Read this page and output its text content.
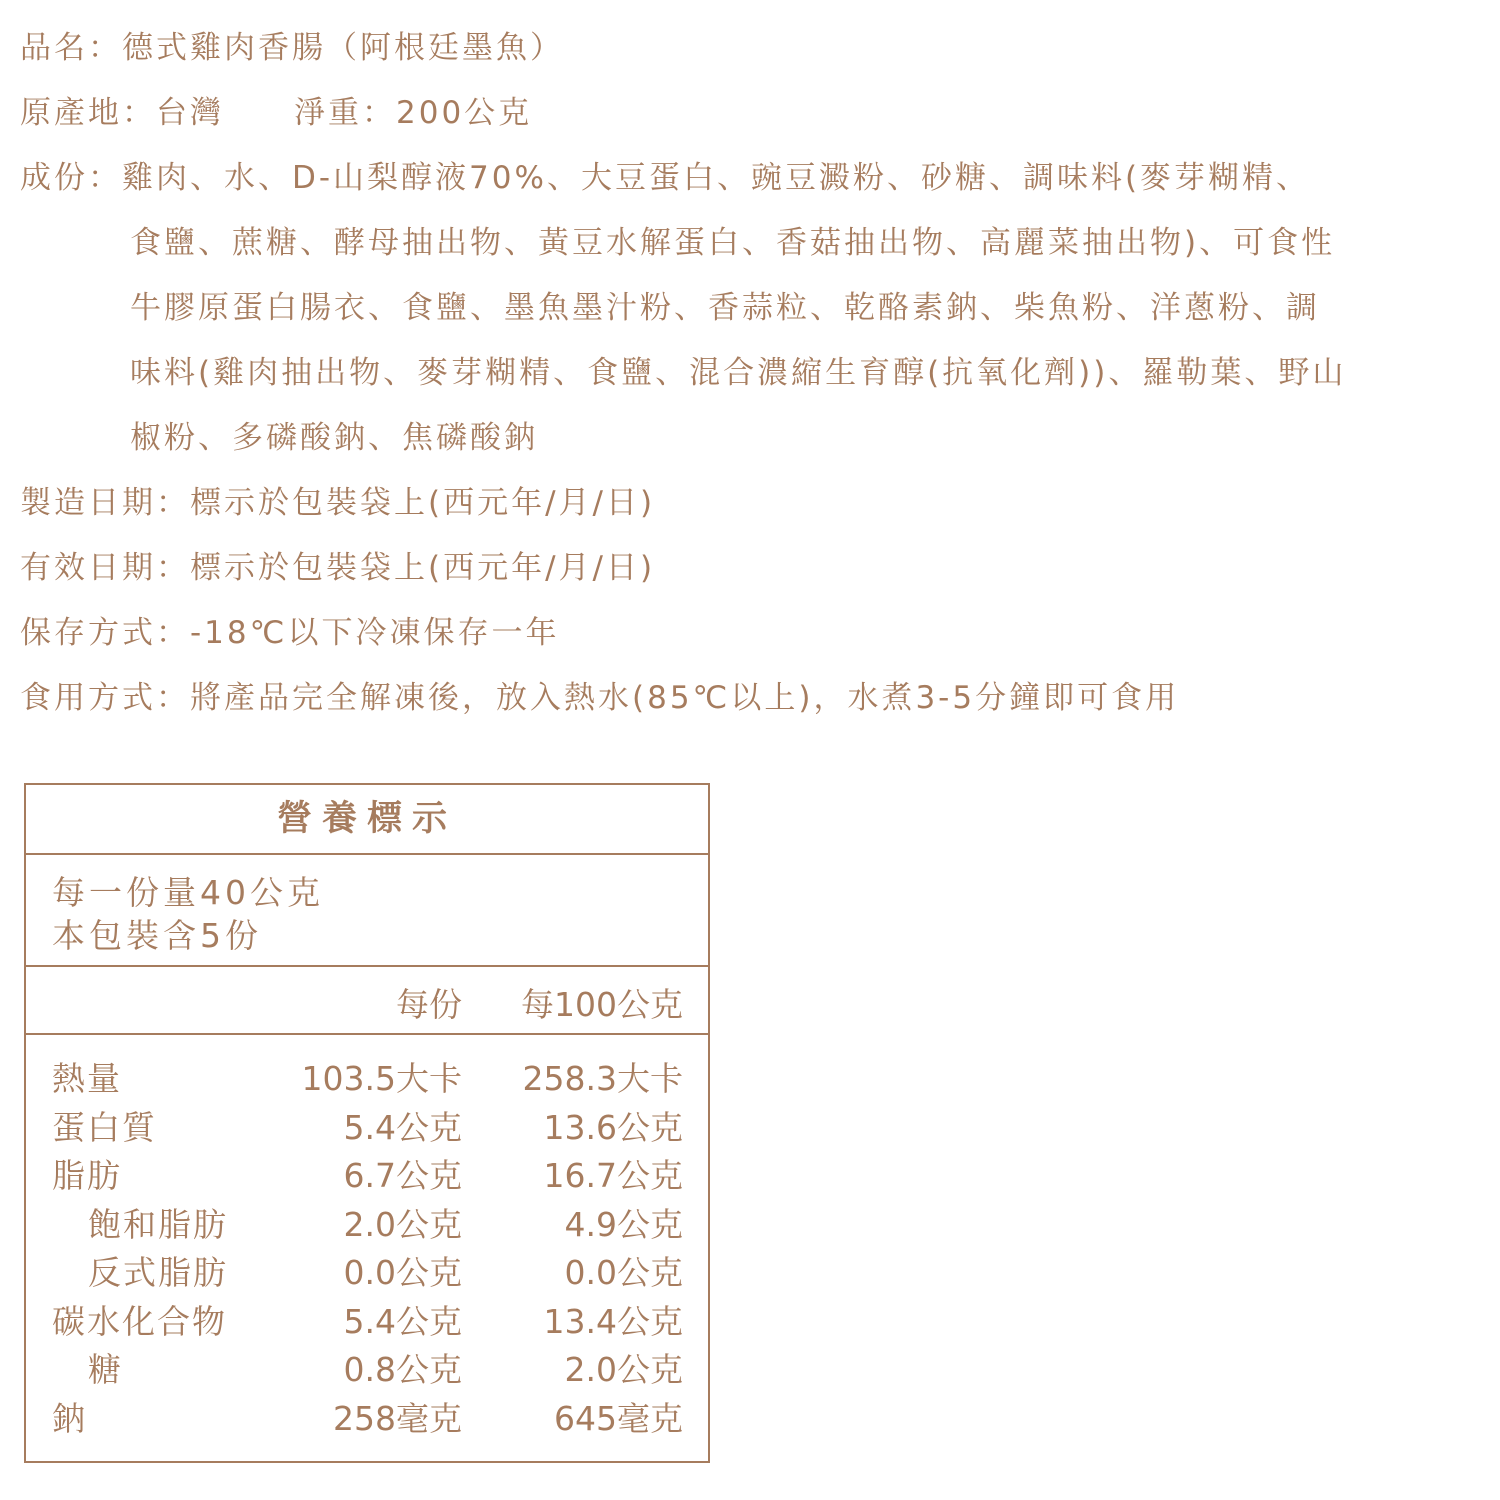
品名：德式雞肉香腸（阿根廷墨魚）
原產地：台灣 淨重：200公克
成份：雞肉、水、D-山梨醇液70%、大豆蛋白、豌豆澱粉、砂糖、調味料(麥芽糊精、
食鹽、蔗糖、酵母抽出物、黃豆水解蛋白、香菇抽出物、高麗菜抽出物)、可食性
牛膠原蛋白腸衣、食鹽、墨魚墨汁粉、香蒜粒、乾酪素鈉、柴魚粉、洋蔥粉、調
味料(雞肉抽出物、麥芽糊精、食鹽、混合濃縮生育醇(抗氧化劑))、羅勒葉、野山
椒粉、多磷酸鈉、焦磷酸鈉
製造日期：標示於包裝袋上(西元年/月/日)
有效日期：標示於包裝袋上(西元年/月/日)
保存方式：-18℃以下冷凍保存一年
食用方式：將產品完全解凍後，放入熱水(85℃以上)，水煮3-5分鐘即可食用
營養標示
每一份量40公克
本包裝含5份
每份 每100公克
熱量	103.5大卡 258.3大卡
蛋白質	5.4公克 13.6公克
脂肪	6.7公克 16.7公克
飽和脂肪	2.0公克	4.9公克
反式脂肪	0.0公克	0.0公克
碳水化合物	5.4公克 13.4公克
糖	0.8公克	2.0公克
鈉	258毫克	645毫克
